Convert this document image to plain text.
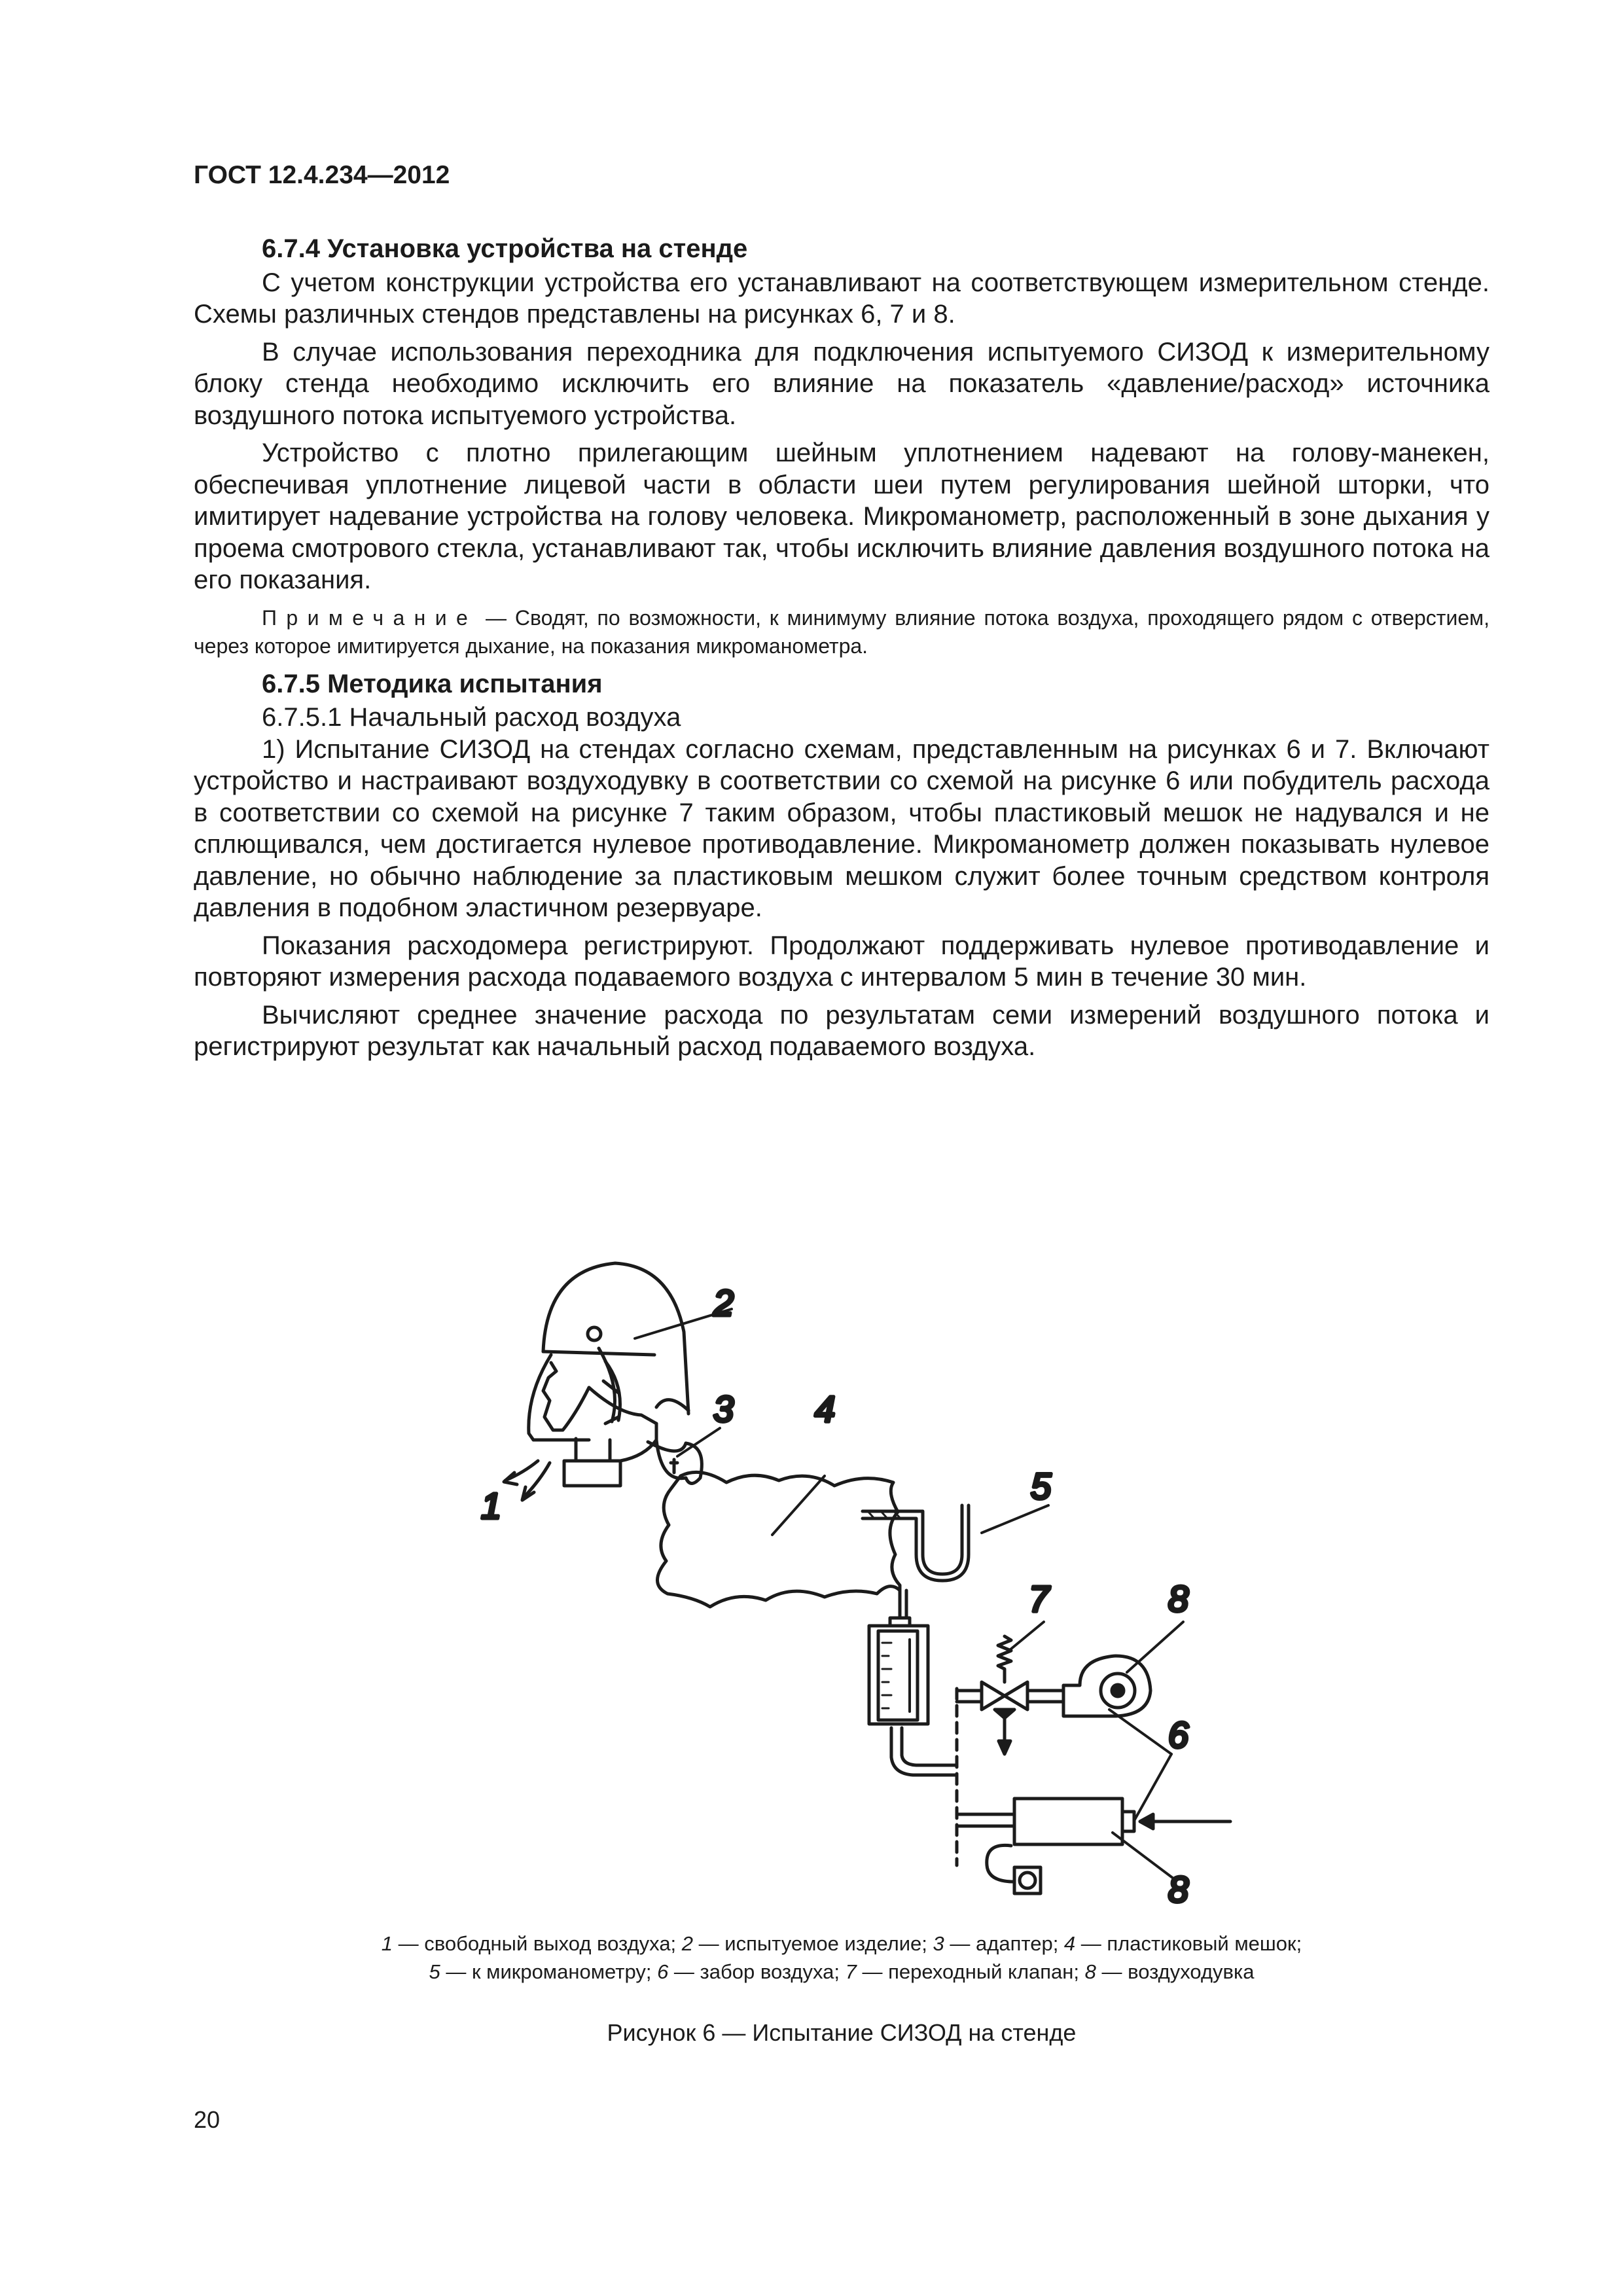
ГОСТ 12.4.234—2012

6.7.4 Установка устройства на стенде

С учетом конструкции устройства его устанавливают на соответствующем измерительном стенде. Схемы различных стендов представлены на рисунках 6, 7 и 8.

В случае использования переходника для подключения испытуемого СИЗОД к измерительному блоку стенда необходимо исключить его влияние на показатель «давление/расход» источника воздушного потока испытуемого устройства.

Устройство с плотно прилегающим шейным уплотнением надевают на голову-манекен, обеспечивая уплотнение лицевой части в области шеи путем регулирования шейной шторки, что имитирует надевание устройства на голову человека. Микроманометр, расположенный в зоне дыхания у проема смотрового стекла, устанавливают так, чтобы исключить влияние давления воздушного потока на его показания.

Примечание — Сводят, по возможности, к минимуму влияние потока воздуха, проходящего рядом с отверстием, через которое имитируется дыхание, на показания микроманометра.

6.7.5 Методика испытания

6.7.5.1 Начальный расход воздуха

1) Испытание СИЗОД на стендах согласно схемам, представленным на рисунках 6 и 7. Включают устройство и настраивают воздуходувку в соответствии со схемой на рисунке 6 или побудитель расхода в соответствии со схемой на рисунке 7 таким образом, чтобы пластиковый мешок не надувался и не сплющивался, чем достигается нулевое противодавление. Микроманометр должен показывать нулевое давление, но обычно наблюдение за пластиковым мешком служит более точным средством контроля давления в подобном эластичном резервуаре.

Показания расходомера регистрируют. Продолжают поддерживать нулевое противодавление и повторяют измерения расхода подаваемого воздуха с интервалом 5 мин в течение 30 мин.

Вычисляют среднее значение расхода по результатам семи измерений воздушного потока и регистрируют результат как начальный расход подаваемого воздуха.

2
3 4
1	5
7	8
6
8
1 — свободный выход воздуха; 2 — испытуемое изделие; 3 — адаптер; 4 — пластиковый мешок;
5 — к микроманометру; 6 — забор воздуха; 7 — переходный клапан; 8 — воздуходувка
Рисунок 6 — Испытание СИЗОД на стенде
20
